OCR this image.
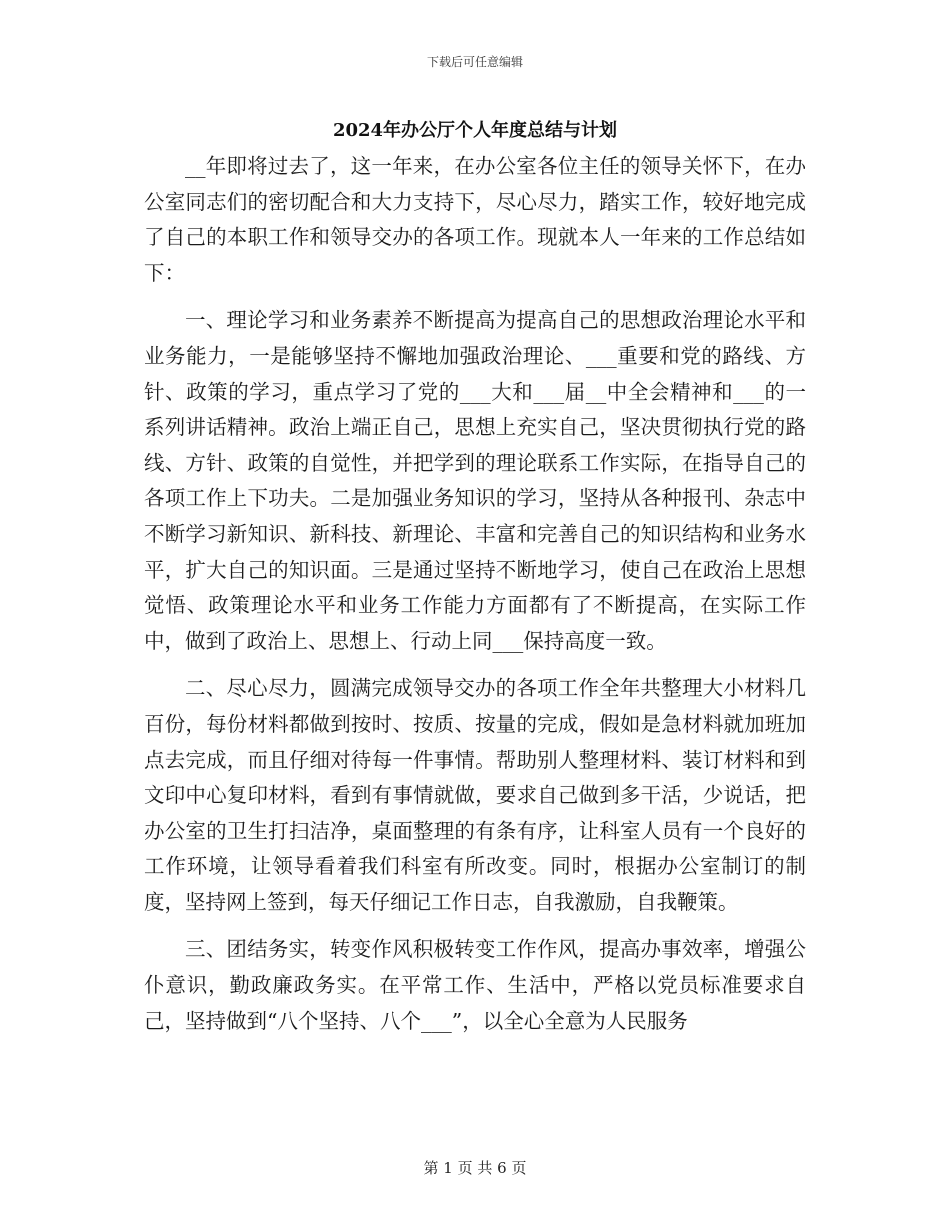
下载后可任意编辑
2024年办公厅个人年度总结与计划

__年即将过去了，这一年来，在办公室各位主任的领导关怀下，在办公室同志们的密切配合和大力支持下，尽心尽力，踏实工作，较好地完成了自己的本职工作和领导交办的各项工作。现就本人一年来的工作总结如下：

一、理论学习和业务素养不断提高为提高自己的思想政治理论水平和业务能力，一是能够坚持不懈地加强政治理论、___重要和党的路线、方针、政策的学习，重点学习了党的___大和___届__中全会精神和___的一系列讲话精神。政治上端正自己，思想上充实自己，坚决贯彻执行党的路线、方针、政策的自觉性，并把学到的理论联系工作实际，在指导自己的各项工作上下功夫。二是加强业务知识的学习，坚持从各种报刊、杂志中不断学习新知识、新科技、新理论、丰富和完善自己的知识结构和业务水平，扩大自己的知识面。三是通过坚持不断地学习，使自己在政治上思想觉悟、政策理论水平和业务工作能力方面都有了不断提高，在实际工作中，做到了政治上、思想上、行动上同___保持高度一致。

二、尽心尽力，圆满完成领导交办的各项工作全年共整理大小材料几百份，每份材料都做到按时、按质、按量的完成，假如是急材料就加班加点去完成，而且仔细对待每一件事情。帮助别人整理材料、装订材料和到文印中心复印材料，看到有事情就做，要求自己做到多干活，少说话，把办公室的卫生打扫洁净，桌面整理的有条有序，让科室人员有一个良好的工作环境，让领导看着我们科室有所改变。同时，根据办公室制订的制度，坚持网上签到，每天仔细记工作日志，自我激励，自我鞭策。

三、团结务实，转变作风积极转变工作作风，提高办事效率，增强公仆意识，勤政廉政务实。在平常工作、生活中，严格以党员标准要求自己，坚持做到“八个坚持、八个___”，以全心全意为人民服务

第 1 页 共 6 页
